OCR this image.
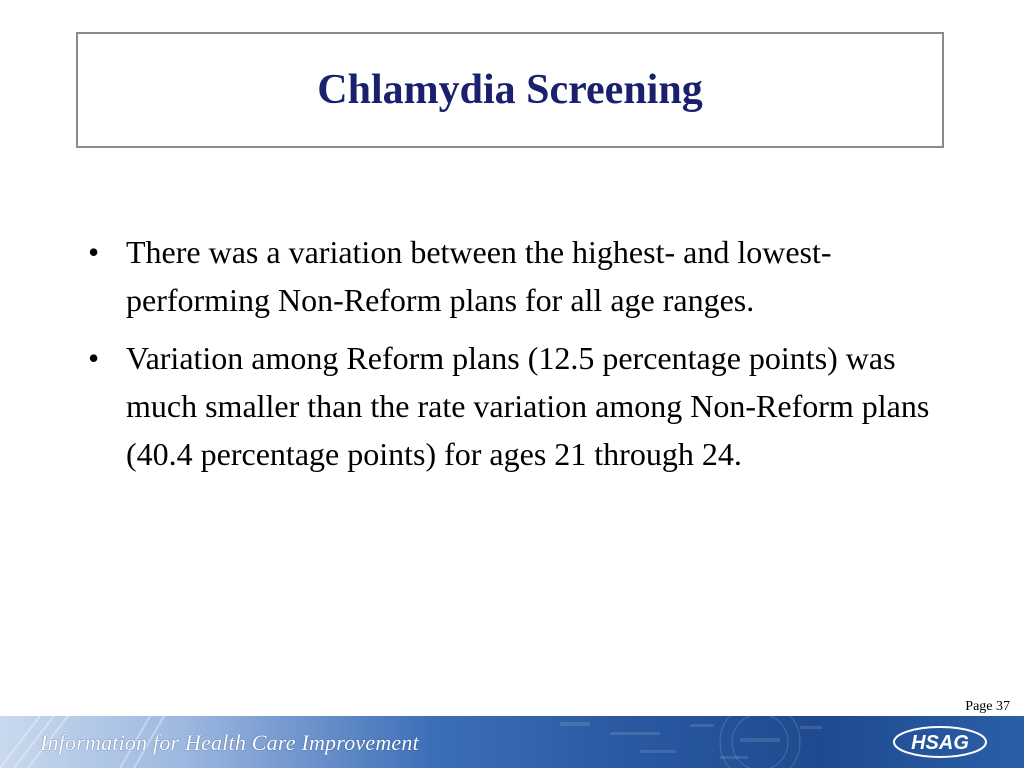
Chlamydia Screening
• There was a variation between the highest- and lowest-performing Non-Reform plans for all age ranges.
• Variation among Reform plans (12.5 percentage points) was much smaller than the rate variation among Non-Reform plans (40.4 percentage points) for ages 21 through 24.
Page 37
Information for Health Care Improvement	HSAG
